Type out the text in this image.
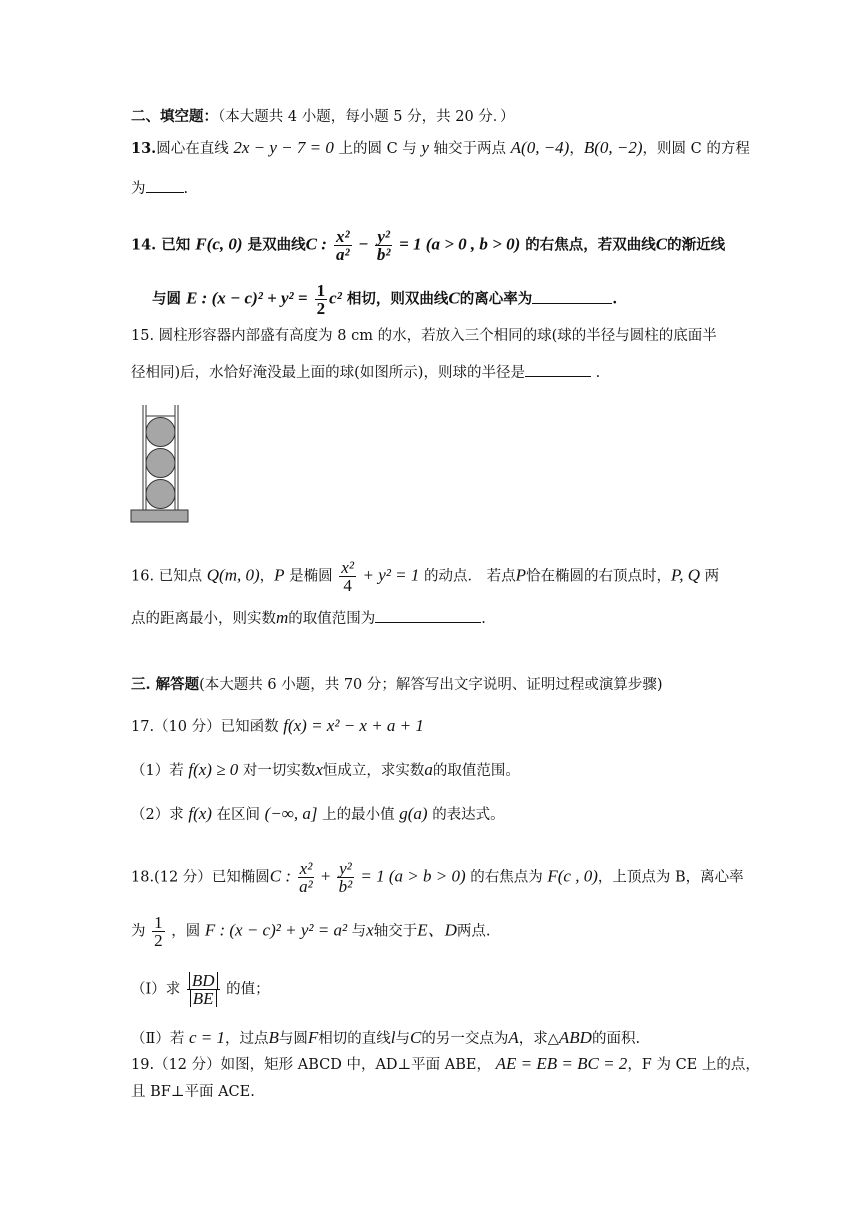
二、填空题：（本大题共 4 小题，每小题 5 分，共 20 分．）
13.圆心在直线 2x − y − 7 = 0 上的圆 C 与 y 轴交于两点 A(0, −4)，B(0, −2)，则圆 C 的方程
为	.
14. 已知 F(c, 0) 是双曲线C : $\frac{\text{x²}}{\text{a²}} - \frac{\text{y²}}{\text{b²}} = 1$ (a > 0 , b > 0) 的右焦点，若双曲线C的渐近线
与圆 E : $(x - c)^2 + y^2 = \frac{1}{2} c^2$ 相切，则双曲线C的离心率为	.
15. 圆柱形容器内部盛有高度为 8 cm 的水，若放入三个相同的球(球的半径与圆柱的底面半
径相同)后，水恰好淹没最上面的球(如图所示)，则球的半径是	.
16. 已知点 Q(m, 0)，P 是椭圆 $\frac{\text{x²}}{4} + y^2 = 1$ 的动点． 若点P恰在椭圆的右顶点时，P, Q 两
点的距离最小，则实数m的取值范围为	.
三. 解答题(本大题共 6 小题，共 70 分；解答写出文字说明、证明过程或演算步骤)
17.（10 分）已知函数 f(x) = x² − x + a + 1
（1）若 f(x) ≥ 0 对一切实数x恒成立，求实数a的取值范围。
（2）求 f(x) 在区间 (−∞, a] 上的最小值 g(a) 的表达式。
18.(12 分）已知椭圆C : $\frac{\text{x²}}{\text{a²}} + \frac{\text{y²}}{\text{b²}} = 1$ (a > b > 0) 的右焦点为 F(c , 0)，上顶点为 B，离心率
为 $\frac{1}{2}$ ，圆 F : (x − c)² + y² = a² 与x轴交于E、D两点.
（Ⅰ）求 $\frac{BD}{BE}$ 的值；
（Ⅱ）若 c = 1，过点B与圆F相切的直线l与C的另一交点为A，求△ABD的面积.
19.（12 分）如图，矩形 ABCD 中，AD⊥平面 ABE， AE = EB = BC = 2，F 为 CE 上的点，
且 BF⊥平面 ACE.
